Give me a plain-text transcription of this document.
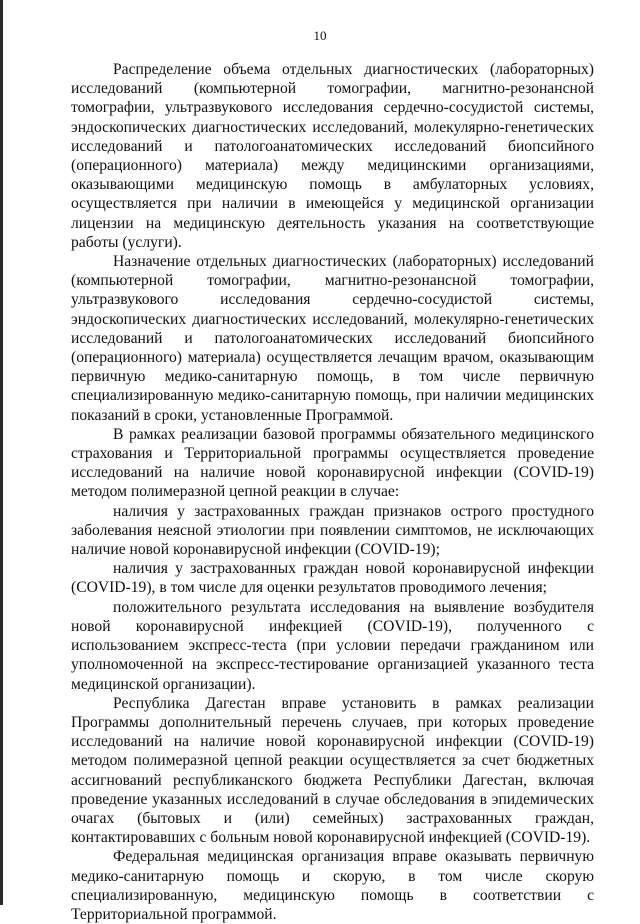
10

Распределение объема отдельных диагностических (лабораторных) исследований (компьютерной томографии, магнитно-резонансной томографии, ультразвукового исследования сердечно-сосудистой системы, эндоскопических диагностических исследований, молекулярно-генетических исследований и патологоанатомических исследований биопсийного (операционного) материала) между медицинскими организациями, оказывающими медицинскую помощь в амбулаторных условиях, осуществляется при наличии в имеющейся у медицинской организации лицензии на медицинскую деятельность указания на соответствующие работы (услуги).

Назначение отдельных диагностических (лабораторных) исследований (компьютерной томографии, магнитно-резонансной томографии, ультразвукового исследования сердечно-сосудистой системы, эндоскопических диагностических исследований, молекулярно-генетических исследований и патологоанатомических исследований биопсийного (операционного) материала) осуществляется лечащим врачом, оказывающим первичную медико-санитарную помощь, в том числе первичную специализированную медико-санитарную помощь, при наличии медицинских показаний в сроки, установленные Программой.

В рамках реализации базовой программы обязательного медицинского страхования и Территориальной программы осуществляется проведение исследований на наличие новой коронавирусной инфекции (COVID-19) методом полимеразной цепной реакции в случае:

наличия у застрахованных граждан признаков острого простудного заболевания неясной этиологии при появлении симптомов, не исключающих наличие новой коронавирусной инфекции (COVID-19);

наличия у застрахованных граждан новой коронавирусной инфекции (COVID-19), в том числе для оценки результатов проводимого лечения;

положительного результата исследования на выявление возбудителя новой коронавирусной инфекцией (COVID-19), полученного с использованием экспресс-теста (при условии передачи гражданином или уполномоченной на экспресс-тестирование организацией указанного теста медицинской организации).

Республика Дагестан вправе установить в рамках реализации Программы дополнительный перечень случаев, при которых проведение исследований на наличие новой коронавирусной инфекции (COVID-19) методом полимеразной цепной реакции осуществляется за счет бюджетных ассигнований республиканского бюджета Республики Дагестан, включая проведение указанных исследований в случае обследования в эпидемических очагах (бытовых и (или) семейных) застрахованных граждан, контактировавших с больным новой коронавирусной инфекцией (COVID-19).

Федеральная медицинская организация вправе оказывать первичную медико-санитарную помощь и скорую, в том числе скорую специализированную, медицинскую помощь в соответствии с Территориальной программой.
